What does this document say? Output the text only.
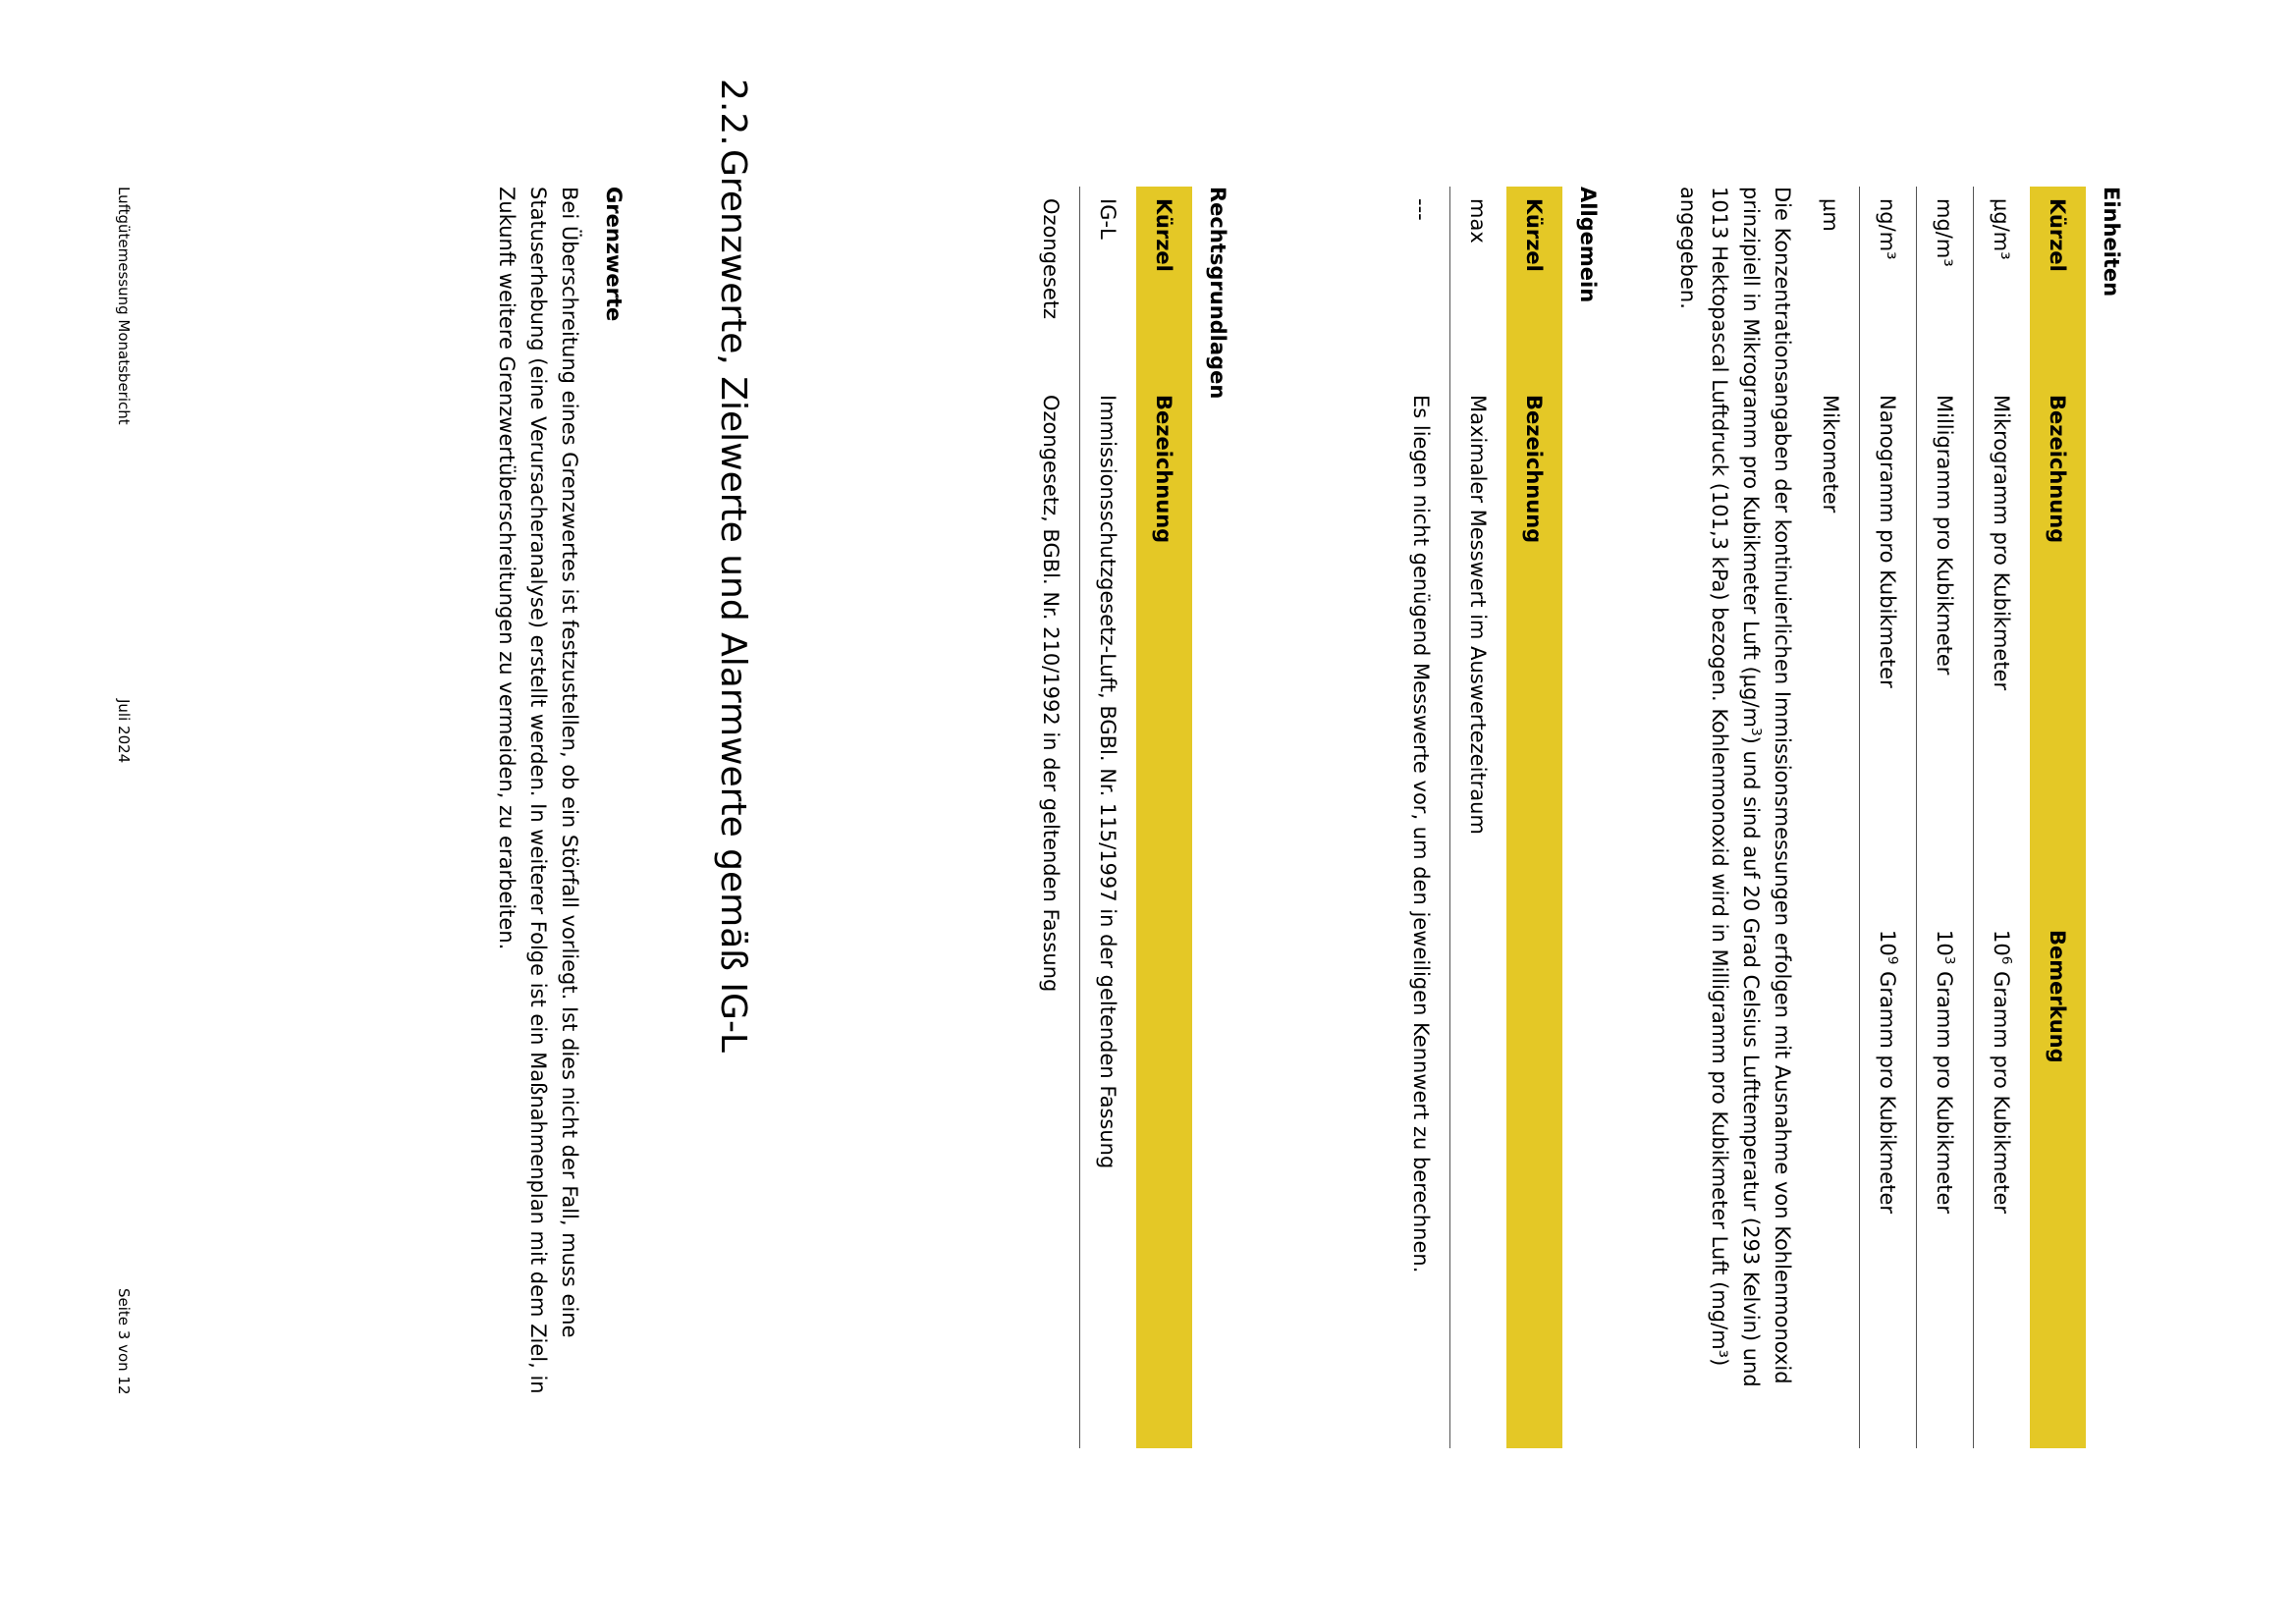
Einheiten
Kürzel	Bezeichnung	Bemerkung
µg/m³	Mikrogramm pro Kubikmeter	$10^6$ Gramm pro Kubikmeter
mg/m³	Milligramm pro Kubikmeter	$10^3$ Gramm pro Kubikmeter
ng/m³	Nanogramm pro Kubikmeter	$10^9$ Gramm pro Kubikmeter
µm	Mikrometer	
Die Konzentrationsangaben der kontinuierlichen Immissionsmessungen erfolgen mit Ausnahme von Kohlenmonoxid
prinzipiell in Mikrogramm pro Kubikmeter Luft $(\mu g/m^3)$ und sind auf 20 Grad Celsius Lufttemperatur (293 Kelvin) und
1013 Hektopascal Luftdruck (101,3 kPa) bezogen. Kohlenmonoxid wird in Milligramm pro Kubikmeter Luft (mg/m³)
angegeben.
Allgemein
Kürzel	Bezeichnung
max	Maximaler Messwert im Auswertezeitraum
---	Es liegen nicht genügend Messwerte vor, um den jeweiligen Kennwert zu berechnen.
Rechtsgrundlagen
Kürzel	Bezeichnung
IG-L	Immissionsschutzgesetz-Luft, BGBl. Nr. 115/1997 in der geltenden Fassung
Ozongesetz	Ozongesetz, BGBl. Nr. 210/1992 in der geltenden Fassung
2.2.Grenzwerte, Zielwerte und Alarmwerte gemäß IG-L
Grenzwerte
Bei Überschreitung eines Grenzwertes ist festzustellen, ob ein Störfall vorliegt. Ist dies nicht der Fall, muss eine
Statuserhebung (eine Verursacheranalyse) erstellt werden. In weiterer Folge ist ein Maßnahmenplan mit dem Ziel, in
Zukunft weitere Grenzwertüberschreitungen zu vermeiden, zu erarbeiten.
Luftgütemessung Monatsbericht
Juli 2024
Seite 3 von 12
